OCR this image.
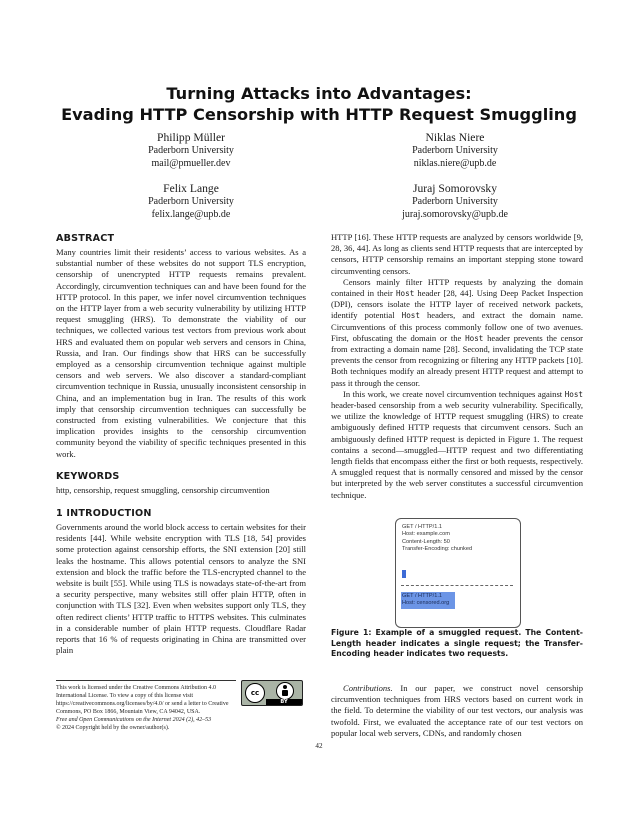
Turning Attacks into Advantages:
Evading HTTP Censorship with HTTP Request Smuggling
Philipp Müller
Paderborn University
mail@pmueller.dev
Niklas Niere
Paderborn University
niklas.niere@upb.de
Felix Lange
Paderborn University
felix.lange@upb.de
Juraj Somorovsky
Paderborn University
juraj.somorovsky@upb.de
ABSTRACT

Many countries limit their residents’ access to various websites. As a substantial number of these websites do not support TLS encryption, censorship of unencrypted HTTP requests remains prevalent. Accordingly, circumvention techniques can and have been found for the HTTP protocol. In this paper, we infer novel circumvention techniques on the HTTP layer from a web security vulnerability by utilizing HTTP request smuggling (HRS). To demonstrate the viability of our techniques, we collected various test vectors from previous work about HRS and evaluated them on popular web servers and censors in China, Russia, and Iran. Our findings show that HRS can be successfully employed as a censorship circumvention technique against multiple censors and web servers. We also discover a standard-compliant circumvention technique in Russia, unusually inconsistent censorship in China, and an implementation bug in Iran. The results of this work imply that censorship circumvention techniques can successfully be constructed from existing vulnerabilities. We conjecture that this implication provides insights to the censorship circumvention community beyond the viability of specific techniques presented in this work.

KEYWORDS

http, censorship, request smuggling, censorship circumvention

1 INTRODUCTION

Governments around the world block access to certain websites for their residents [44]. While website encryption with TLS [18, 54] provides some protection against censorship efforts, the SNI extension [20] still leaks the hostname. This allows potential censors to analyze the SNI extension and block the traffic before the TLS-encrypted channel to the website is built [55]. While using TLS is nowadays state-of-the-art from a security perspective, many websites still offer plain HTTP, often in conjunction with TLS [32]. Even when websites support only TLS, they often redirect clients’ HTTP traffic to HTTPS websites. This culminates in a considerable number of plain HTTP requests. Cloudflare Radar reports that 16 % of requests originating in China are transmitted over plain

HTTP [16]. These HTTP requests are analyzed by censors worldwide [9, 28, 36, 44]. As long as clients send HTTP requests that are intercepted by censors, HTTP censorship remains an important stepping stone toward circumventing censors.

Censors mainly filter HTTP requests by analyzing the domain contained in their Host header [28, 44]. Using Deep Packet Inspection (DPI), censors isolate the HTTP layer of received network packets, identify potential Host headers, and extract the domain name. Circumventions of this process commonly follow one of two avenues. First, obfuscating the domain or the Host header prevents the censor from extracting a domain name [28]. Second, invalidating the TCP state prevents the censor from recognizing or filtering any HTTP packets [10]. Both techniques modify an already present HTTP request and attempt to pass it through the censor.

In this work, we create novel circumvention techniques against Host header-based censorship from a web security vulnerability. Specifically, we utilize the knowledge of HTTP request smuggling (HRS) to create ambiguously defined HTTP requests that circumvent censors. Such an ambiguously defined HTTP request is depicted in Figure 1. The request contains a second—smuggled—HTTP request and two differentiating length fields that encompass either the first or both requests, respectively. A smuggled request that is normally censored and missed by the censor but interpreted by the web server constitutes a successful circumvention technique.

GET / HTTP/1.1
Host: example.com
Content-Length: 50
Transfer-Encoding: chunked
GET / HTTP/1.1
Host: censored.org
Figure 1: Example of a smuggled request. The Content-Length header indicates a single request; the Transfer-Encoding header indicates two requests.

Contributions. In our paper, we construct novel censorship circumvention techniques from HRS vectors based on current work in the field. To determine the viability of our test vectors, our analysis was twofold. First, we evaluated the acceptance rate of our test vectors on popular local web servers, CDNs, and randomly chosen

This work is licensed under the Creative Commons Attribution 4.0 International License. To view a copy of this license visit https://creativecommons.org/licenses/by/4.0/ or send a letter to Creative Commons, PO Box 1866, Mountain View, CA 94042, USA.
Free and Open Communications on the Internet 2024 (2), 42–53
© 2024 Copyright held by the owner/author(s).
cc
BY
42
